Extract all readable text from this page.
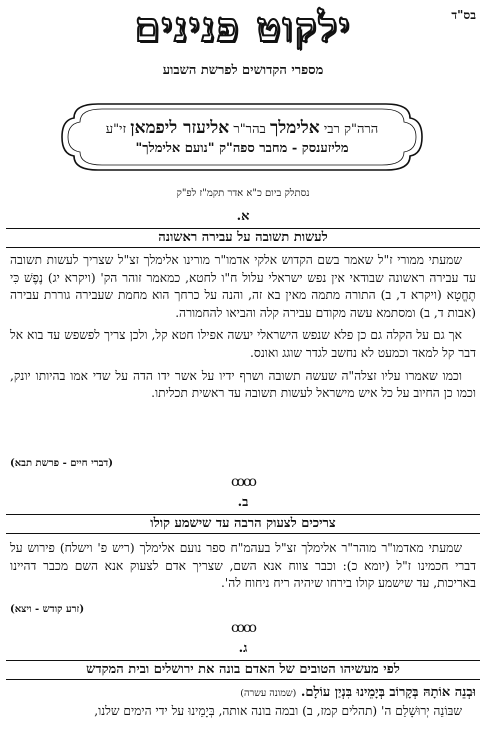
בס"ד
ילקוט פנינים
מספרי הקדושים לפרשת השבוע
הרה"ק רבי אלימלך בהר"ר אליעזר ליפמאן זי"ע
מליזענסק - מחבר ספה"ק "נועם אלימלך"
נסתלק ביום כ"א אדר תקמ"ז לפ"ק
א.
לעשות תשובה על עבירה ראשונה

שמעתי ממורי ז"ל שאמר בשם הקדוש אלקי אדמו"ר מורינו אלימלך זצ"ל שצריך לעשות תשובה עד עבירה ראשונה שבודאי אין נפש ישראלי עלול ח"ו לחטא, כמאמר זוהר הק' (ויקרא יג) נֶפֶשׁ כִּי תֶחֱטָא (ויקרא ד, ב) התורה מתמה מאין בא זה, והנה על כרחך הוא מחמת שעבירה גוררת עבירה (אבות ד, ב) ומסתמא עשה מקודם עבירה קלה והביאו להחמורה.

אך גם על הקלה גם כן פלא שנפש הישראלי יעשה אפילו חטא קל, ולכן צריך לפשפש עד בוא אל דבר קל למאד וכמעט לא נחשב לגדר שוגג ואונס.

וכמו שאמרו עליו זצלה"ה שעשה תשובה ושרף ידיו על אשר ידו הדה על שדי אמו בהיותו יונק, וכמו כן החיוב על כל איש מישראל לעשות תשובה עד ראשית תכליתו.

(דברי חיים - פרשת תבא)
ꝏꝏ
ב.
צריכים לצעוק הרבה עד שישמע קולו

שמעתי מאדמו"ר מוהר"ר אלימלך זצ"ל בעהמ"ח ספר נועם אלימלך (ריש פ' וישלח) פירוש על דברי חכמינו ז"ל (יומא כ): וכבר צווח אנא השם, שצריך אדם לצעוק אנא השם מכבר דהיינו באריכות, עד שישמע קולו בירחו שיהיה ריח ניחוח לה'.

(זרע קודש - ויצא)
ꝏꝏ
ג.
לפי מעשיהו הטובים של האדם בונה את ירושלים ובית המקדש
וּבְנֵה אוֹתָהּ בְּקָרוֹב בְּיָמֵינוּ בִּנְיַן עוֹלָם. (שמונה עשרה)

שבּוֹנֵה יְרוּשָׁלַם ה' (תהלים קמז, ב) ובמה בונה אותה, בְּיָמֵינוּ על ידי הימים שלנו,
